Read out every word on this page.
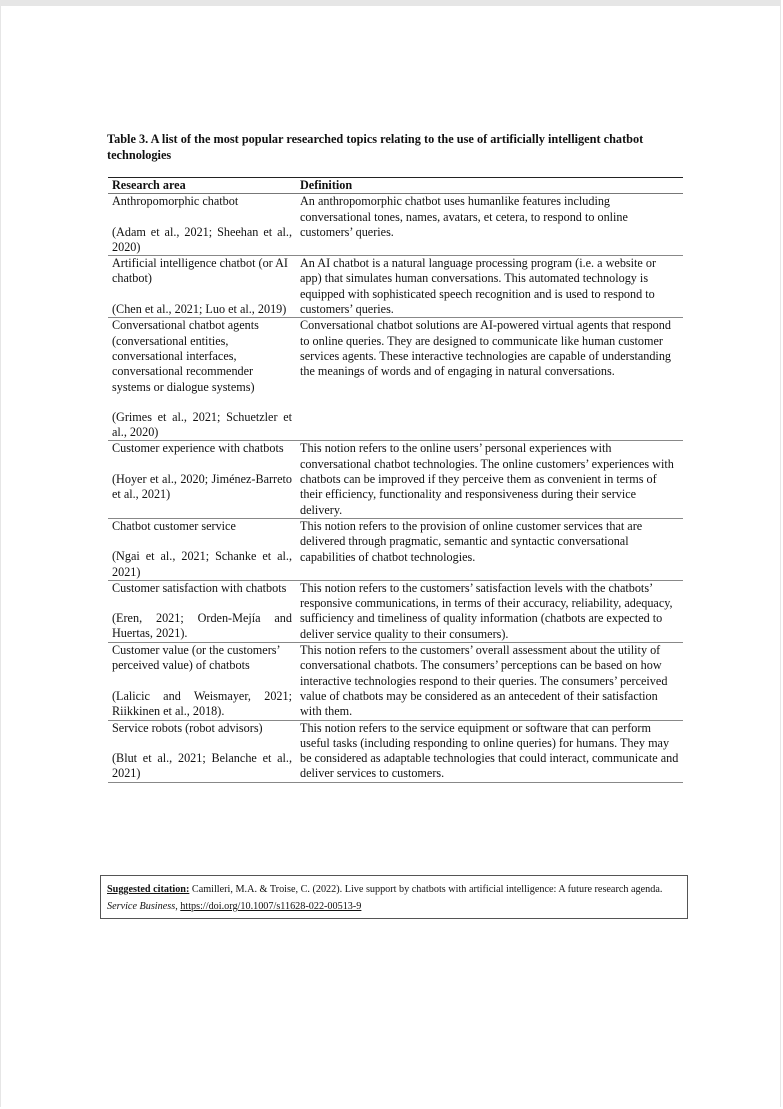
Table 3. A list of the most popular researched topics relating to the use of artificially intelligent chatbot technologies
Research area	Definition

Anthropomorphic chatbot
(Adam et al., 2021; Sheehan et al., 2020)	An anthropomorphic chatbot uses humanlike features including conversational tones, names, avatars, et cetera, to respond to online customers’ queries.

Artificial intelligence chatbot (or AI chatbot)
(Chen et al., 2021; Luo et al., 2019)	An AI chatbot is a natural language processing program (i.e. a website or app) that simulates human conversations. This automated technology is equipped with sophisticated speech recognition and is used to respond to customers’ queries.

Conversational chatbot agents (conversational entities, conversational interfaces, conversational recommender systems or dialogue systems)
(Grimes et al., 2021; Schuetzler et al., 2020)	Conversational chatbot solutions are AI-powered virtual agents that respond to online queries. They are designed to communicate like human customer services agents. These interactive technologies are capable of understanding the meanings of words and of engaging in natural conversations.

Customer experience with chatbots
(Hoyer et al., 2020; Jiménez-Barreto et al., 2021)	This notion refers to the online users’ personal experiences with conversational chatbot technologies. The online customers’ experiences with chatbots can be improved if they perceive them as convenient in terms of their efficiency, functionality and responsiveness during their service delivery.

Chatbot customer service
(Ngai et al., 2021; Schanke et al., 2021)	This notion refers to the provision of online customer services that are delivered through pragmatic, semantic and syntactic conversational capabilities of chatbot technologies.

Customer satisfaction with chatbots
(Eren, 2021; Orden-Mejía and Huertas, 2021).	This notion refers to the customers’ satisfaction levels with the chatbots’ responsive communications, in terms of their accuracy, reliability, adequacy, sufficiency and timeliness of quality information (chatbots are expected to deliver service quality to their consumers).

Customer value (or the customers’ perceived value) of chatbots
(Lalicic and Weismayer, 2021; Riikkinen et al., 2018).	This notion refers to the customers’ overall assessment about the utility of conversational chatbots. The consumers’ perceptions can be based on how interactive technologies respond to their queries. The consumers’ perceived value of chatbots may be considered as an antecedent of their satisfaction with them.

Service robots (robot advisors)
(Blut et al., 2021; Belanche et al., 2021)	This notion refers to the service equipment or software that can perform useful tasks (including responding to online queries) for humans. They may be considered as adaptable technologies that could interact, communicate and deliver services to customers.
Suggested citation: Camilleri, M.A. & Troise, C. (2022). Live support by chatbots with artificial intelligence: A future research agenda. Service Business, https://doi.org/10.1007/s11628-022-00513-9
